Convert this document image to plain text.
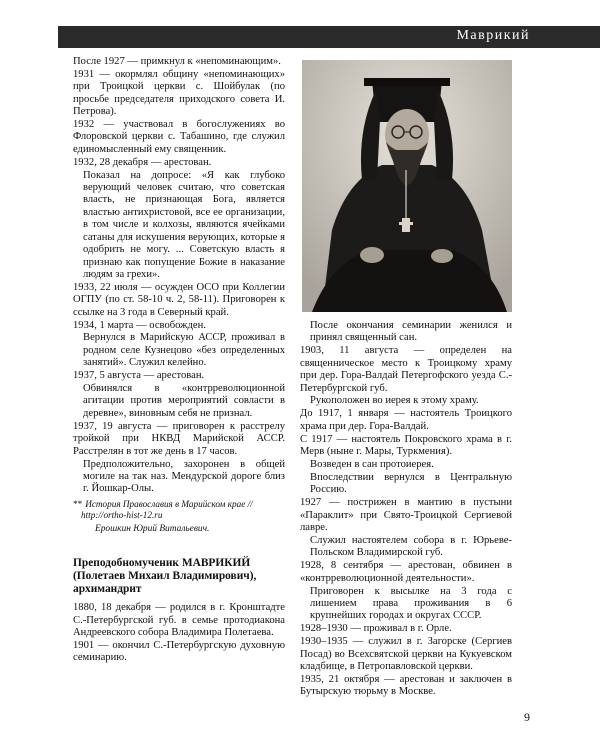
Маврикий

После 1927 — примкнул к «непоминающим».

1931 — окормлял общину «непоминающих» при Троицкой церкви с. Шойбулак (по просьбе председателя приходского совета И. Петрова).

1932 — участвовал в богослужениях во Флоровской церкви с. Табашино, где служил единомысленный ему священник.

1932, 28 декабря — арестован.

Показал на допросе: «Я как глубоко верующий человек считаю, что советская власть, не признающая Бога, является властью антихристовой, все ее организации, в том числе и колхозы, являются ячейками сатаны для искушения верующих, которые я одобрить не могу. ... Советскую власть я признаю как попущение Божие в наказание людям за грехи».

1933, 22 июля — осужден ОСО при Коллегии ОГПУ (по ст. 58-10 ч. 2, 58-11). Приговорен к ссылке на 3 года в Северный край.

1934, 1 марта — освобожден.

Вернулся в Марийскую АССР, проживал в родном селе Кузнецово «без определенных занятий». Служил келейно.

1937, 5 августа — арестован.

Обвинялся в «контрреволюционной агитации против мероприятий совласти в деревне», виновным себя не признал.

1937, 19 августа — приговорен к расстрелу тройкой при НКВД Марийской АССР. Расстрелян в тот же день в 17 часов.

Предположительно, захоронен в общей могиле на так наз. Мендурской дороге близ г. Йошкар-Олы.

** История Православия в Марийском крае // http://ortho-hist-12.ru
Ерошкин Юрий Витальевич.
Преподобномученик МАВРИКИЙ (Полетаев Михаил Владимирович), архимандрит

1880, 18 декабря — родился в г. Кронштадте С.-Петербургской губ. в семье протодиакона Андреевского собора Владимира Полетаева.

1901 — окончил С.-Петербургскую духовную семинарию.

После окончания семинарии женился и принял священный сан.

1903, 11 августа — определен на священническое место к Троицкому храму при дер. Гора-Валдай Петергофского уезда С.-Петербургской губ.

Рукоположен во иерея к этому храму.

До 1917, 1 января — настоятель Троицкого храма при дер. Гора-Валдай.

С 1917 — настоятель Покровского храма в г. Мерв (ныне г. Мары, Туркмения).

Возведен в сан протоиерея.

Впоследствии вернулся в Центральную Россию.

1927 — пострижен в мантию в пустыни «Параклит» при Свято-Троицкой Сергиевой лавре.

Служил настоятелем собора в г. Юрьеве-Польском Владимирской губ.

1928, 8 сентября — арестован, обвинен в «контрреволюционной деятельности».

Приговорен к высылке на 3 года с лишением права проживания в 6 крупнейших городах и округах СССР.

1928–1930 — проживал в г. Орле.

1930–1935 — служил в г. Загорске (Сергиев Посад) во Всехсвятской церкви на Кукуевском кладбище, в Петропавловской церкви.

1935, 21 октября — арестован и заключен в Бутырскую тюрьму в Москве.

9
